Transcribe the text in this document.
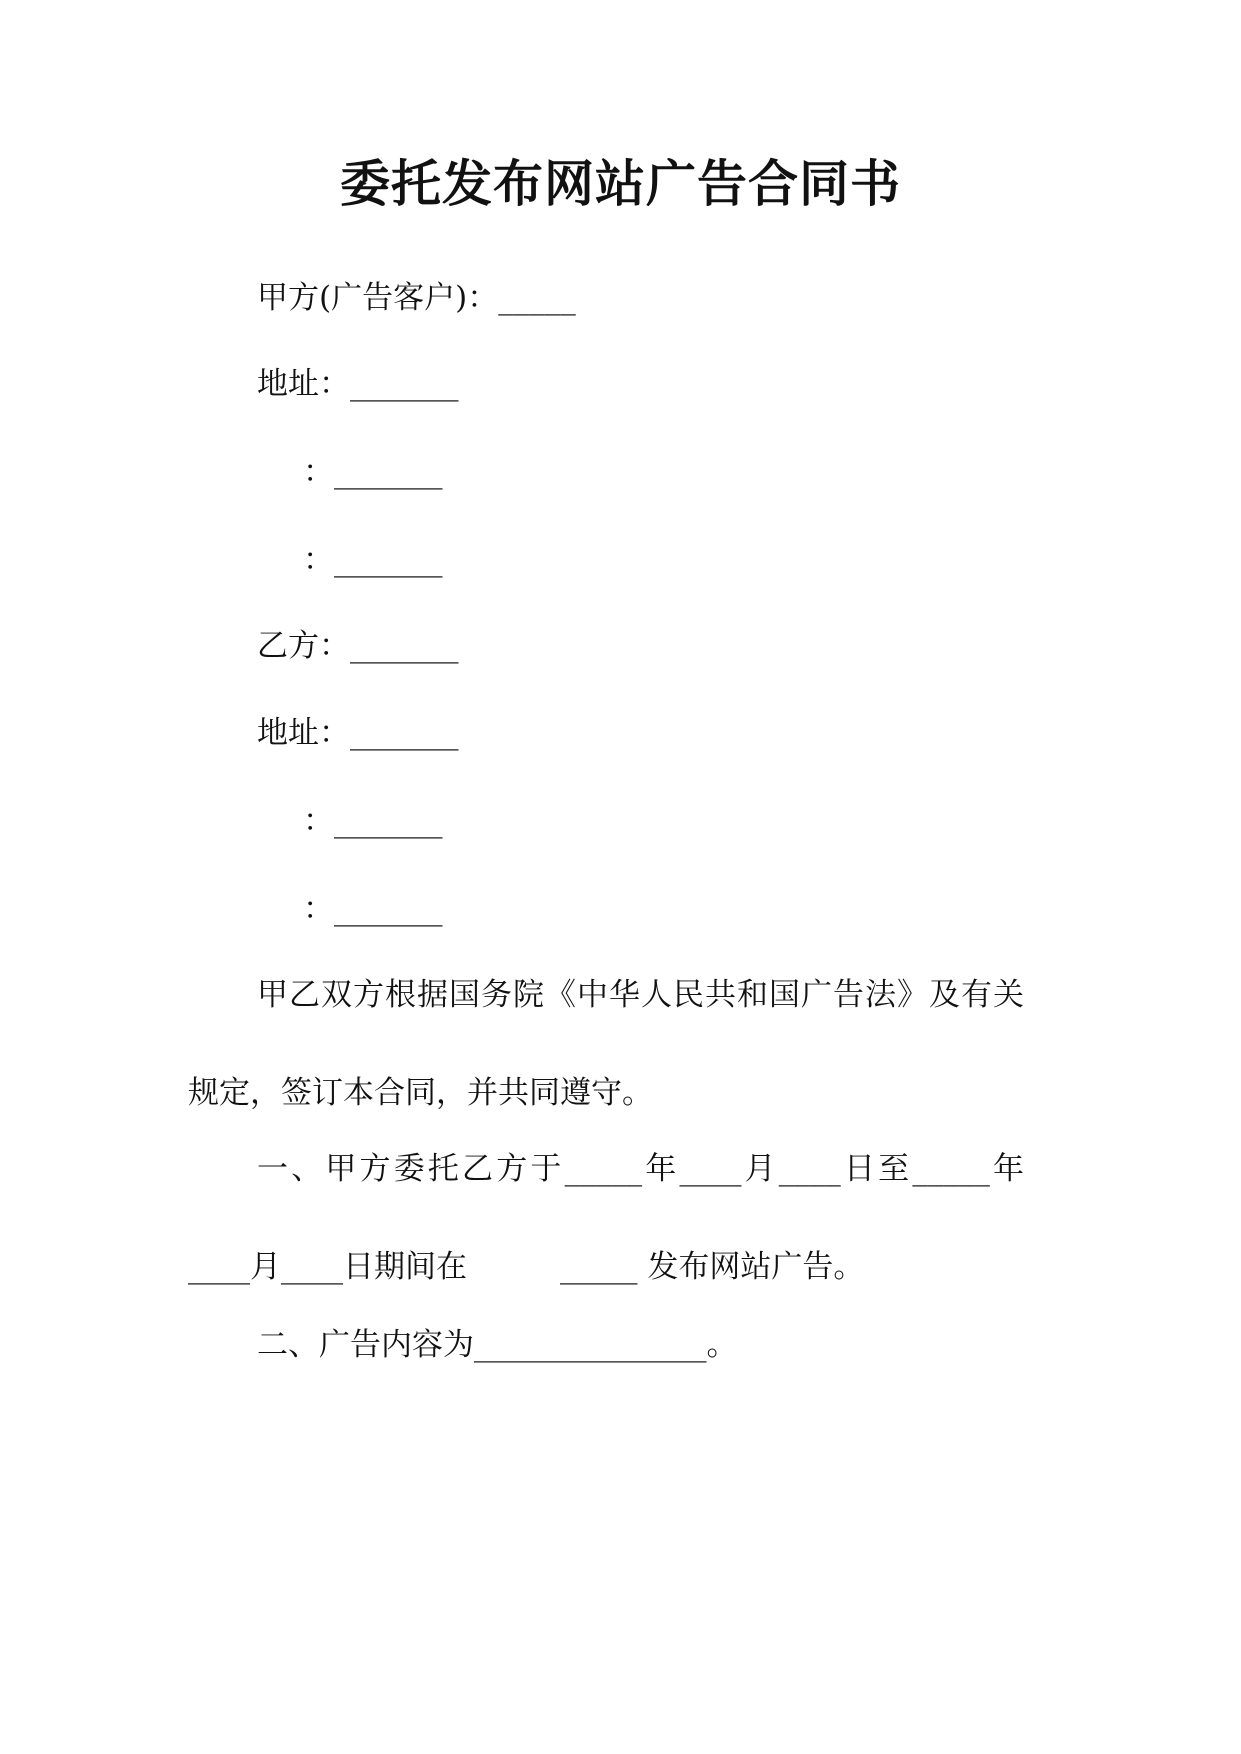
委托发布网站广告合同书

甲方(广告客户)：_____

地址：_______

：_______

：_______

乙方：_______

地址：_______

：_______

：_______

甲乙双方根据国务院《中华人民共和国广告法》及有关规定，签订本合同，并共同遵守。

一、甲方委托乙方于_____年____月____日至_____年____月____日期间在　　　_____ 发布网站广告。

二、广告内容为_______________。
